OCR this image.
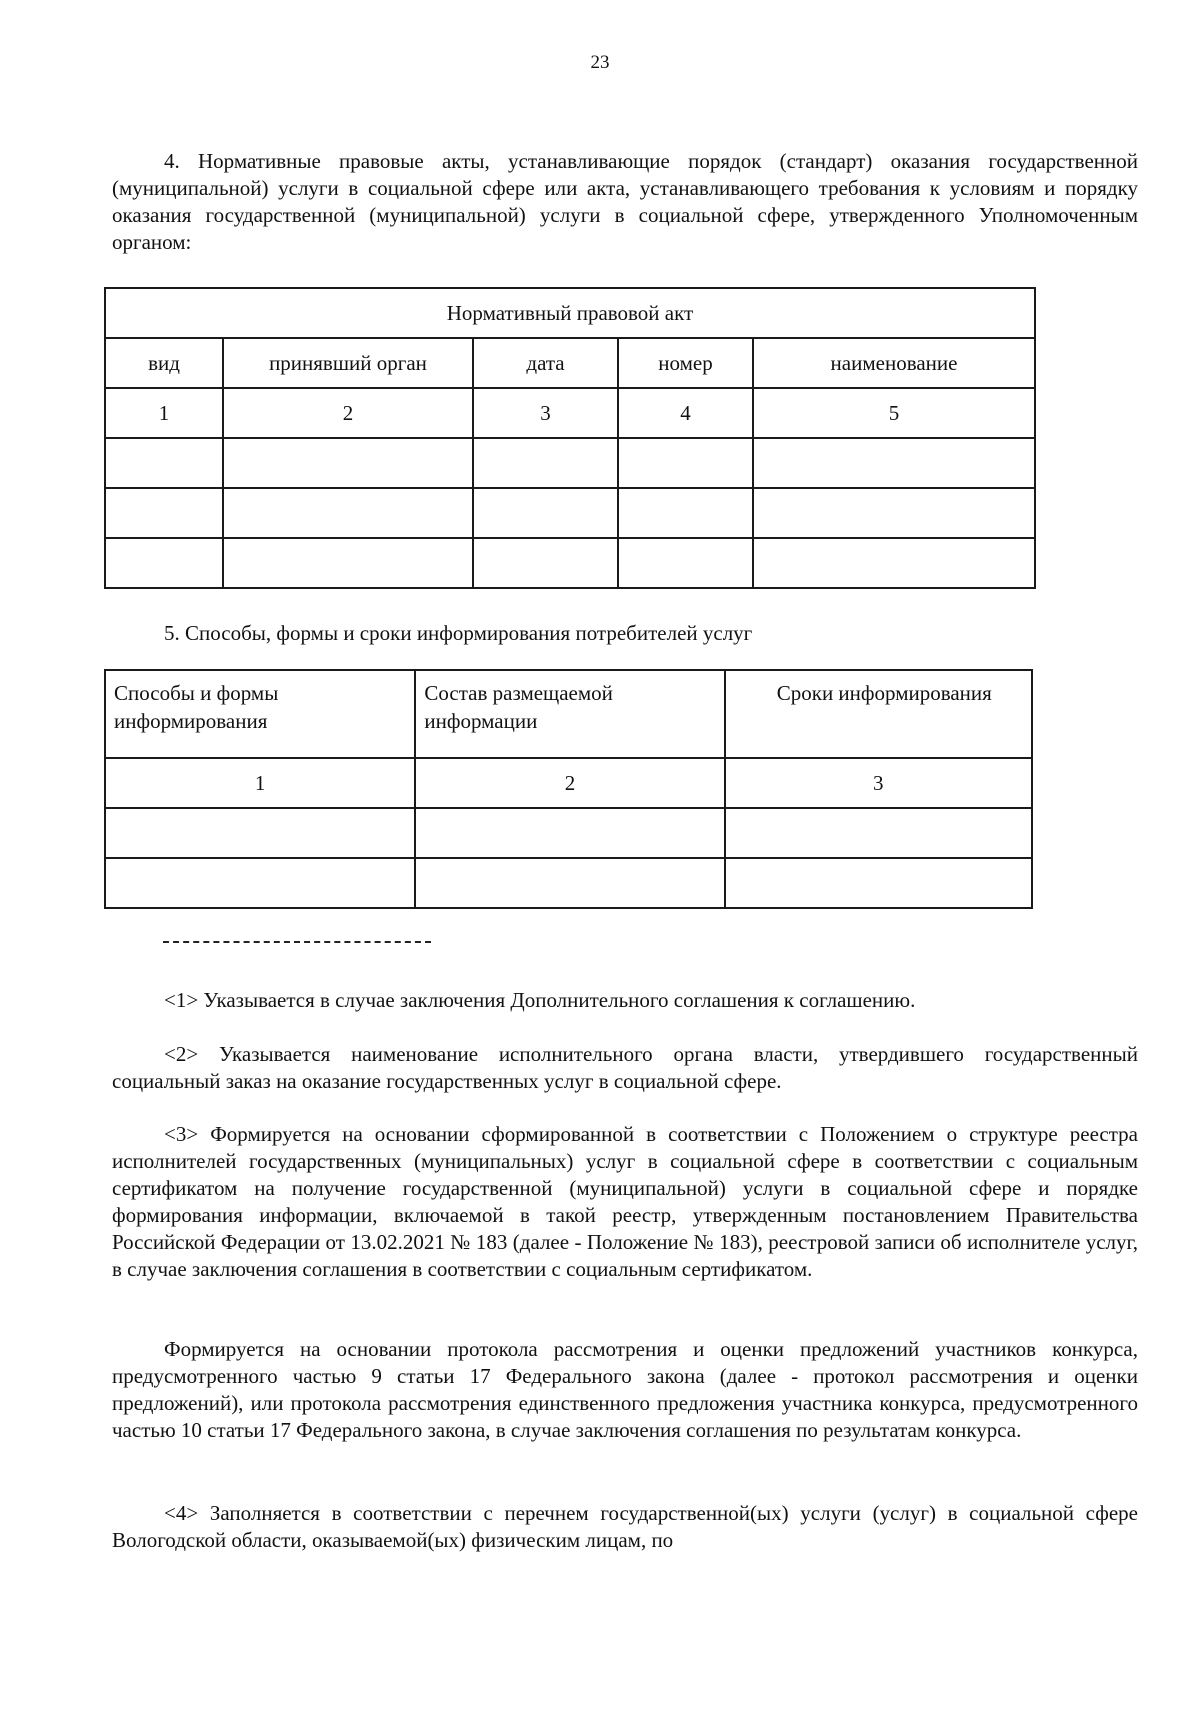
23

4. Нормативные правовые акты, устанавливающие порядок (стандарт) оказания государственной (муниципальной) услуги в социальной сфере или акта, устанавливающего требования к условиям и порядку оказания государственной (муниципальной) услуги в социальной сфере, утвержденного Уполномоченным органом:

Нормативный правовой акт				
вид	принявший орган	дата	номер	наименование
1	2	3	4	5

5. Способы, формы и сроки информирования потребителей услуг

Способы и формы информирования	Состав размещаемой информации	Сроки информирования
1	2	3

<1> Указывается в случае заключения Дополнительного соглашения к соглашению.

<2> Указывается наименование исполнительного органа власти, утвердившего государственный социальный заказ на оказание государственных услуг в социальной сфере.

<3> Формируется на основании сформированной в соответствии с Положением о структуре реестра исполнителей государственных (муниципальных) услуг в социальной сфере в соответствии с социальным сертификатом на получение государственной (муниципальной) услуги в социальной сфере и порядке формирования информации, включаемой в такой реестр, утвержденным постановлением Правительства Российской Федерации от 13.02.2021 № 183 (далее - Положение № 183), реестровой записи об исполнителе услуг, в случае заключения соглашения в соответствии с социальным сертификатом.

Формируется на основании протокола рассмотрения и оценки предложений участников конкурса, предусмотренного частью 9 статьи 17 Федерального закона (далее - протокол рассмотрения и оценки предложений), или протокола рассмотрения единственного предложения участника конкурса, предусмотренного частью 10 статьи 17 Федерального закона, в случае заключения соглашения по результатам конкурса.

<4> Заполняется в соответствии с перечнем государственной(ых) услуги (услуг) в социальной сфере Вологодской области, оказываемой(ых) физическим лицам, по
